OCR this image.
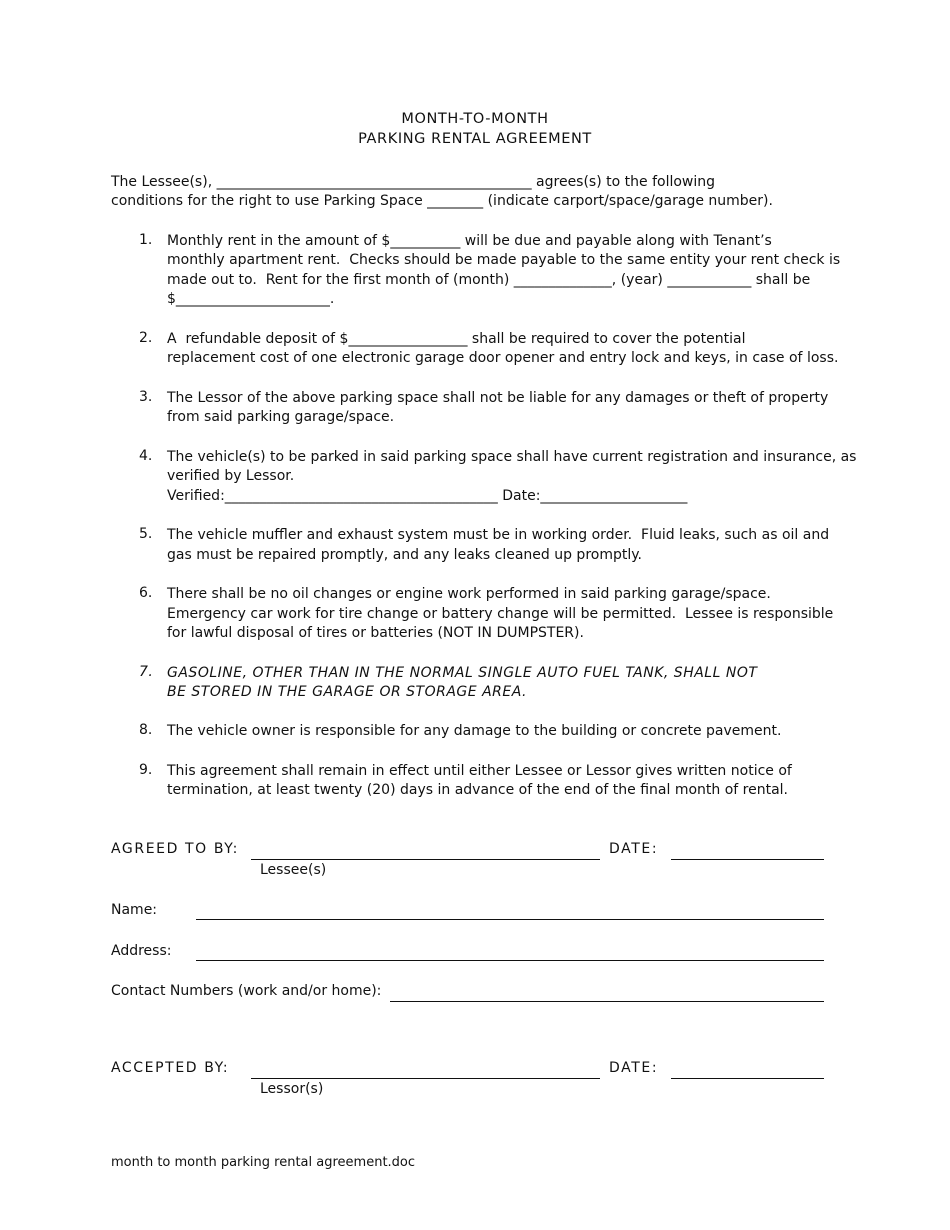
MONTH-TO-MONTH
PARKING RENTAL AGREEMENT
The Lessee(s), _____________________________________________ agrees(s) to the following
conditions for the right to use Parking Space ________ (indicate carport/space/garage number).
1.	Monthly rent in the amount of $__________ will be due and payable along with Tenant’s
monthly apartment rent.  Checks should be made payable to the same entity your rent check is
made out to.  Rent for the first month of (month) ______________, (year) ____________ shall be
$______________________.
2.	A  refundable deposit of $_________________ shall be required to cover the potential
replacement cost of one electronic garage door opener and entry lock and keys, in case of loss.
3.	The Lessor of the above parking space shall not be liable for any damages or theft of property
from said parking garage/space.
4.	The vehicle(s) to be parked in said parking space shall have current registration and insurance, as
verified by Lessor.
Verified:_______________________________________ Date:_____________________
5.	The vehicle muffler and exhaust system must be in working order.  Fluid leaks, such as oil and
gas must be repaired promptly, and any leaks cleaned up promptly.
6.	There shall be no oil changes or engine work performed in said parking garage/space.
Emergency car work for tire change or battery change will be permitted.  Lessee is responsible
for lawful disposal of tires or batteries (NOT IN DUMPSTER).
7. GASOLINE, OTHER THAN IN THE NORMAL SINGLE AUTO FUEL TANK, SHALL NOT
BE STORED IN THE GARAGE OR STORAGE AREA.
8.	The vehicle owner is responsible for any damage to the building or concrete pavement.
9.	This agreement shall remain in effect until either Lessee or Lessor gives written notice of
termination, at least twenty (20) days in advance of the end of the final month of rental.
AGREED TO BY:	DATE:
Lessee(s)
Name:
Address:
Contact Numbers (work and/or home):
ACCEPTED BY:	DATE:
Lessor(s)
month to month parking rental agreement.doc
